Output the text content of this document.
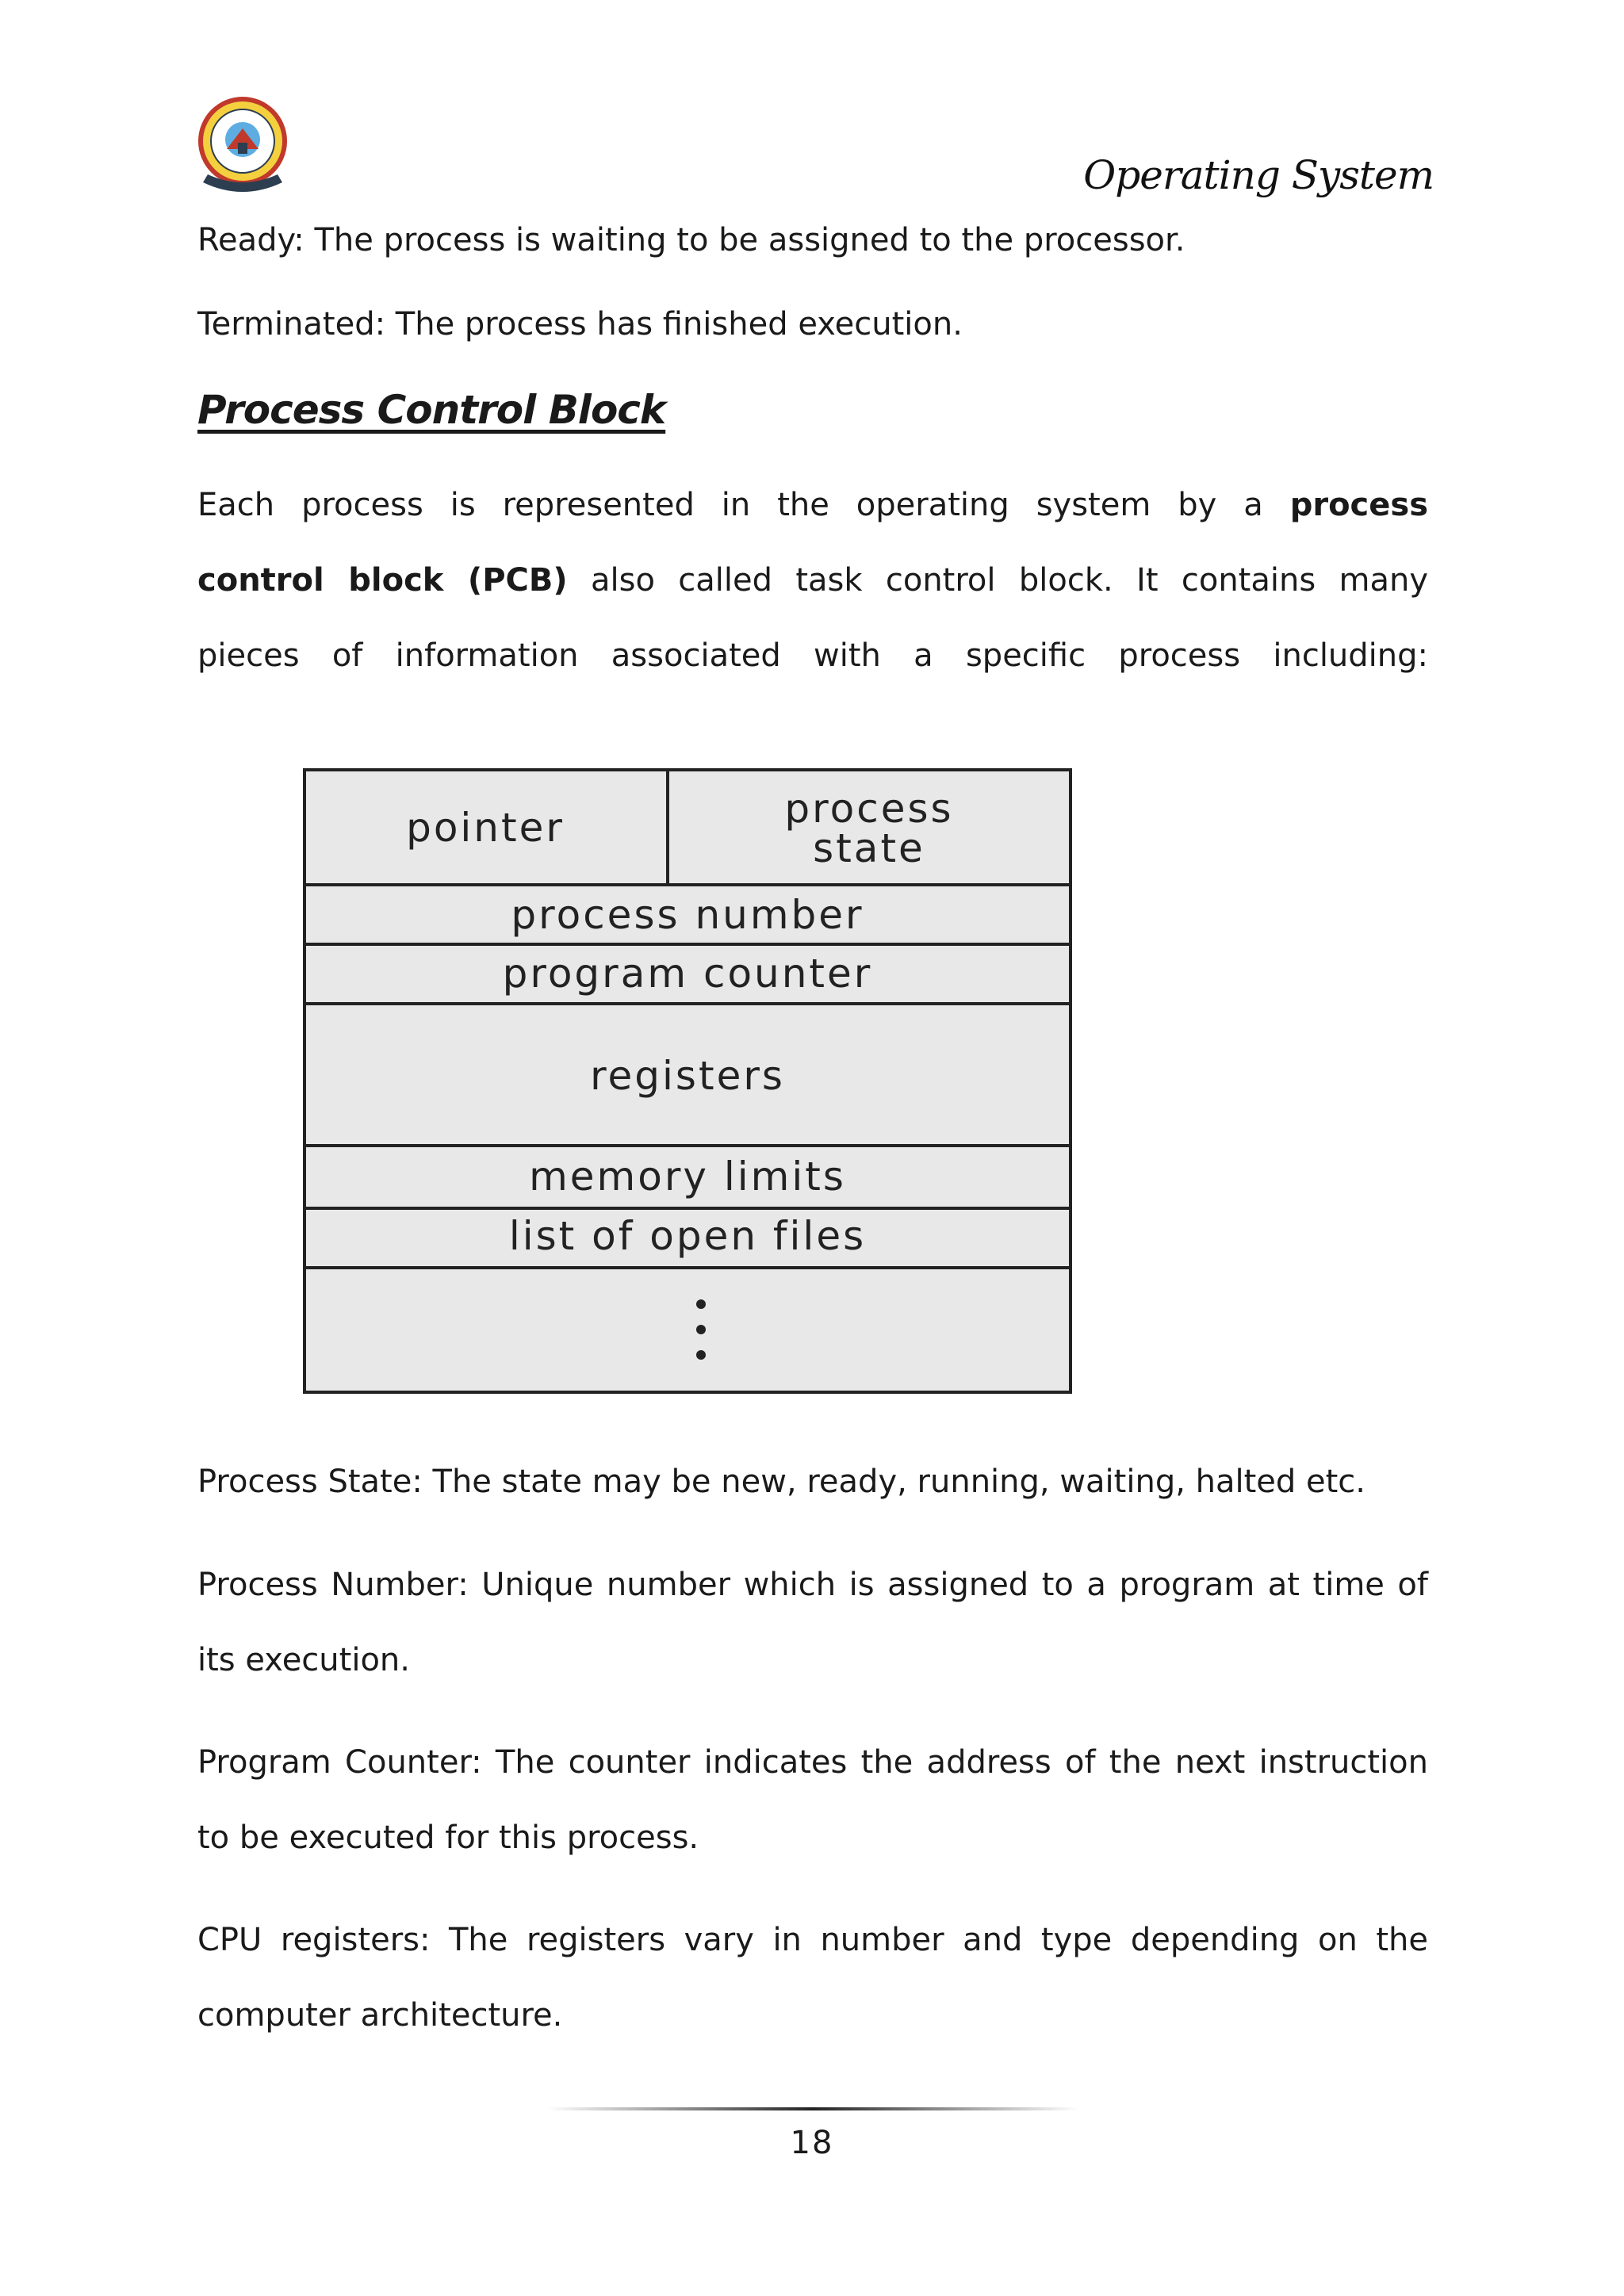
Operating System

Ready: The process is waiting to be assigned to the processor.

Terminated: The process has finished execution.

Process Control Block
Each process is represented in the operating system by a process
control block (PCB) also called task control block. It contains many
pieces of information associated with a specific process including:
pointer	process
state
process number
program counter
registers
memory limits
list of open files

Process State: The state may be new, ready, running, waiting, halted etc.

Process Number: Unique number which is assigned to a program at time of
its execution.
Program Counter: The counter indicates the address of the next instruction
to be executed for this process.
CPU registers: The registers vary in number and type depending on the
computer architecture.
18
